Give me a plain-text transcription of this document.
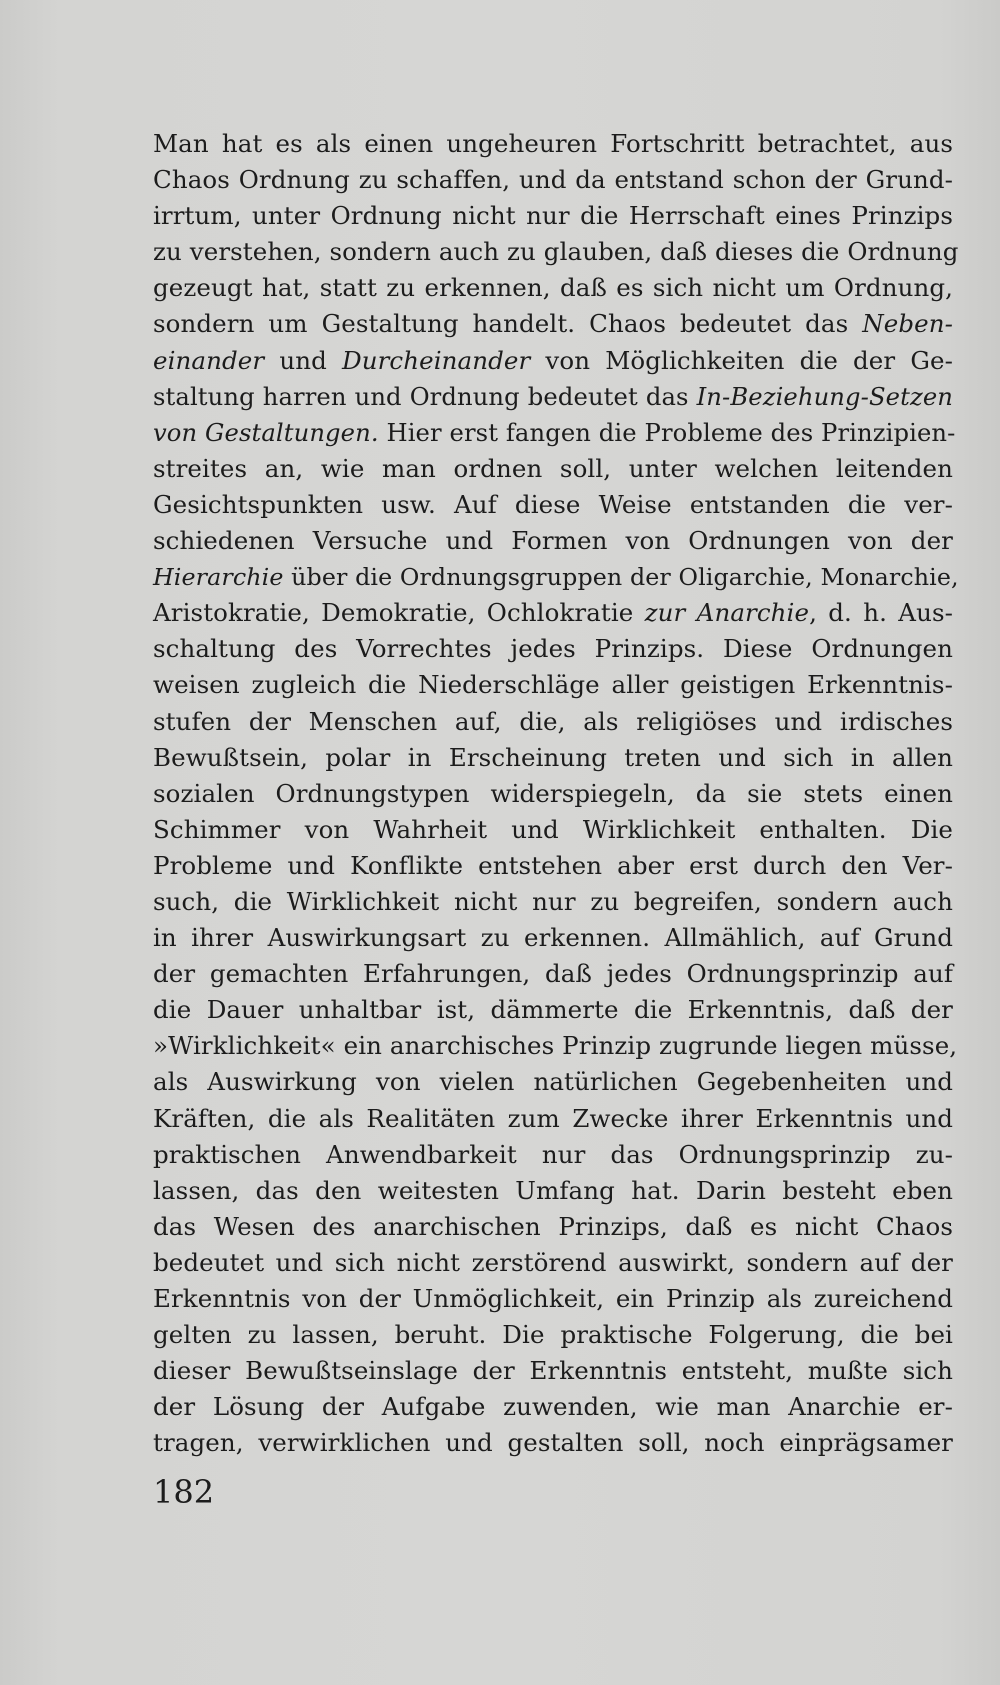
Man hat es als einen ungeheuren Fortschritt betrachtet, aus
Chaos Ordnung zu schaffen, und da entstand schon der Grund-
irrtum, unter Ordnung nicht nur die Herrschaft eines Prinzips
zu verstehen, sondern auch zu glauben, daß dieses die Ordnung
gezeugt hat, statt zu erkennen, daß es sich nicht um Ordnung,
sondern um Gestaltung handelt. Chaos bedeutet das Neben-
einander und Durcheinander von Möglichkeiten die der Ge-
staltung harren und Ordnung bedeutet das In-Beziehung-Setzen
von Gestaltungen. Hier erst fangen die Probleme des Prinzipien-
streites an, wie man ordnen soll, unter welchen leitenden
Gesichtspunkten usw. Auf diese Weise entstanden die ver-
schiedenen Versuche und Formen von Ordnungen von der
Hierarchie über die Ordnungsgruppen der Oligarchie, Monarchie,
Aristokratie, Demokratie, Ochlokratie zur Anarchie, d. h. Aus-
schaltung des Vorrechtes jedes Prinzips. Diese Ordnungen
weisen zugleich die Niederschläge aller geistigen Erkenntnis-
stufen der Menschen auf, die, als religiöses und irdisches
Bewußtsein, polar in Erscheinung treten und sich in allen
sozialen Ordnungstypen widerspiegeln, da sie stets einen
Schimmer von Wahrheit und Wirklichkeit enthalten. Die
Probleme und Konflikte entstehen aber erst durch den Ver-
such, die Wirklichkeit nicht nur zu begreifen, sondern auch
in ihrer Auswirkungsart zu erkennen. Allmählich, auf Grund
der gemachten Erfahrungen, daß jedes Ordnungsprinzip auf
die Dauer unhaltbar ist, dämmerte die Erkenntnis, daß der
»Wirklichkeit« ein anarchisches Prinzip zugrunde liegen müsse,
als Auswirkung von vielen natürlichen Gegebenheiten und
Kräften, die als Realitäten zum Zwecke ihrer Erkenntnis und
praktischen Anwendbarkeit nur das Ordnungsprinzip zu-
lassen, das den weitesten Umfang hat. Darin besteht eben
das Wesen des anarchischen Prinzips, daß es nicht Chaos
bedeutet und sich nicht zerstörend auswirkt, sondern auf der
Erkenntnis von der Unmöglichkeit, ein Prinzip als zureichend
gelten zu lassen, beruht. Die praktische Folgerung, die bei
dieser Bewußtseinslage der Erkenntnis entsteht, mußte sich
der Lösung der Aufgabe zuwenden, wie man Anarchie er-
tragen, verwirklichen und gestalten soll, noch einprägsamer
182
